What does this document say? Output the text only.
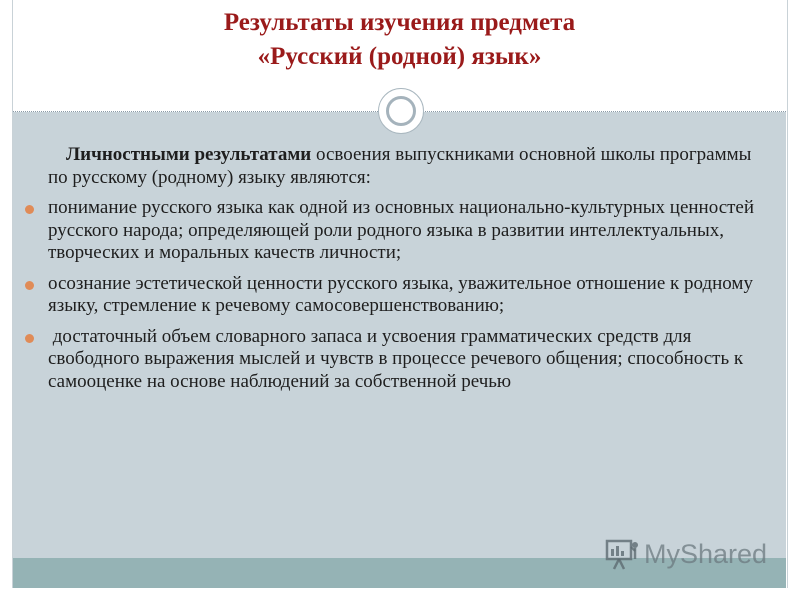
Результаты изучения предмета
«Русский (родной) язык»

Личностными результатами освоения выпускниками основной школы программы по русскому (родному) языку являются:

понимание русского языка как одной из основных национально-культурных ценностей русского народа; определяющей роли родного языка в развитии интеллектуальных, творческих и моральных качеств личности;
осознание эстетической ценности русского языка, уважительное отношение к родному языку, стремление к речевому самосовершенствованию;
достаточный объем словарного запаса и усвоения грамматических средств для свободного выражения мыслей и чувств в процессе речевого общения; способность к самооценке на основе наблюдений за собственной речью
MyShared
